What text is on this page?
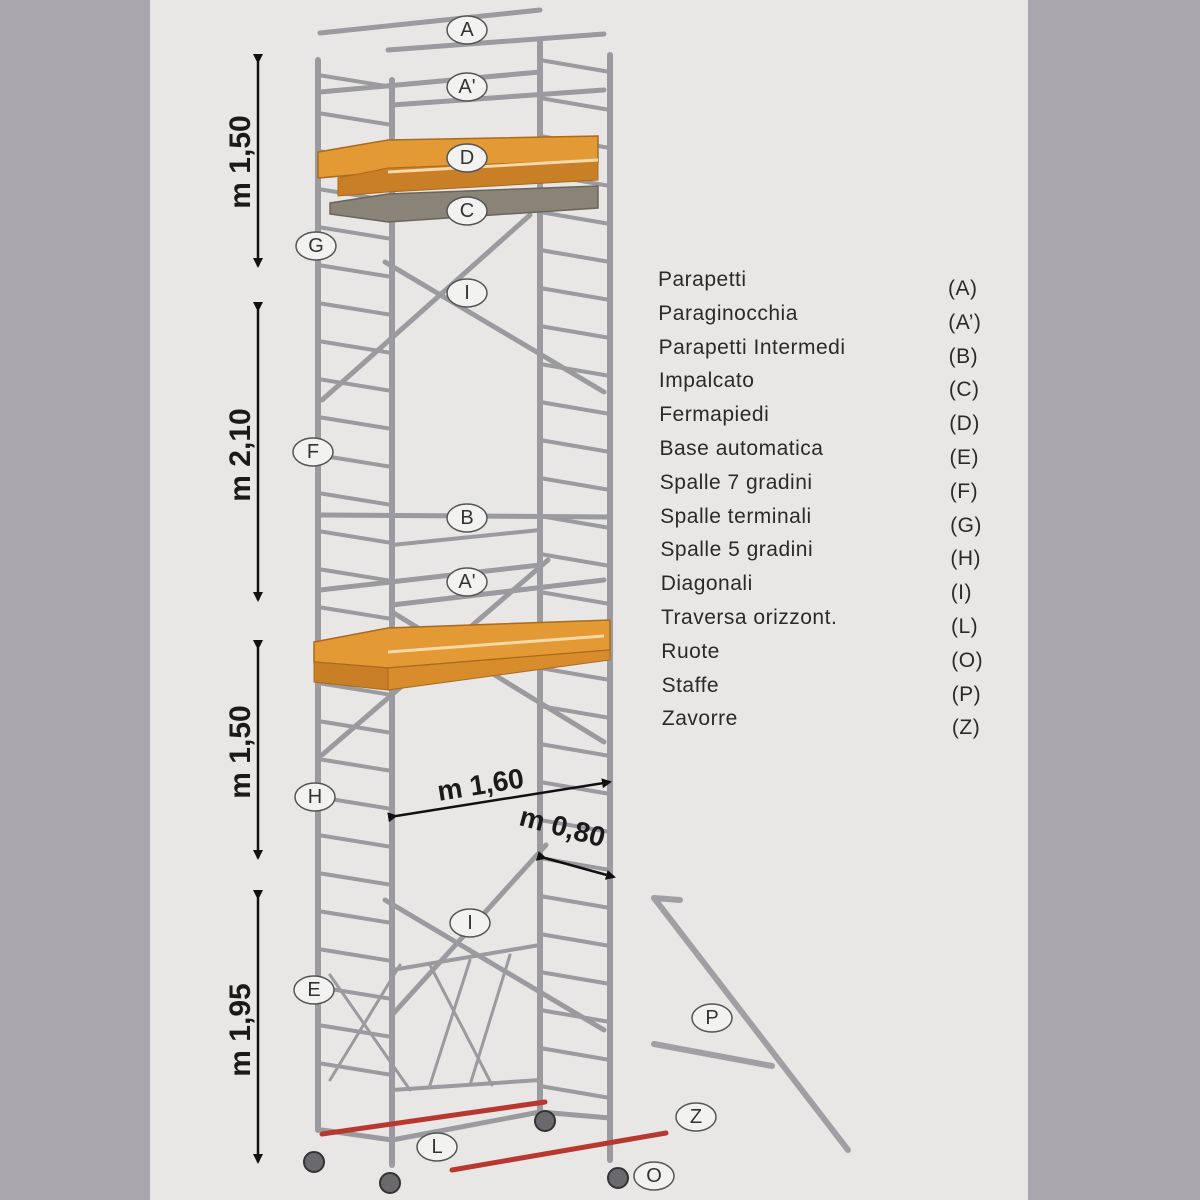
m 1,50
m 2,10
m 1,50
m 1,95
m 1,60
m 0,80
A
A'
D
C
G
I
F
B
A'
H
I
E
P
Z
L
O
Parapetti	(A)
Paraginocchia	(A’)
Parapetti Intermedi	(B)
Impalcato	(C)
Fermapiedi	(D)
Base automatica	(E)
Spalle 7 gradini	(F)
Spalle terminali	(G)
Spalle 5 gradini	(H)
Diagonali	(I)
Traversa orizzont.	(L)
Ruote	(O)
Staffe	(P)
Zavorre	(Z)
